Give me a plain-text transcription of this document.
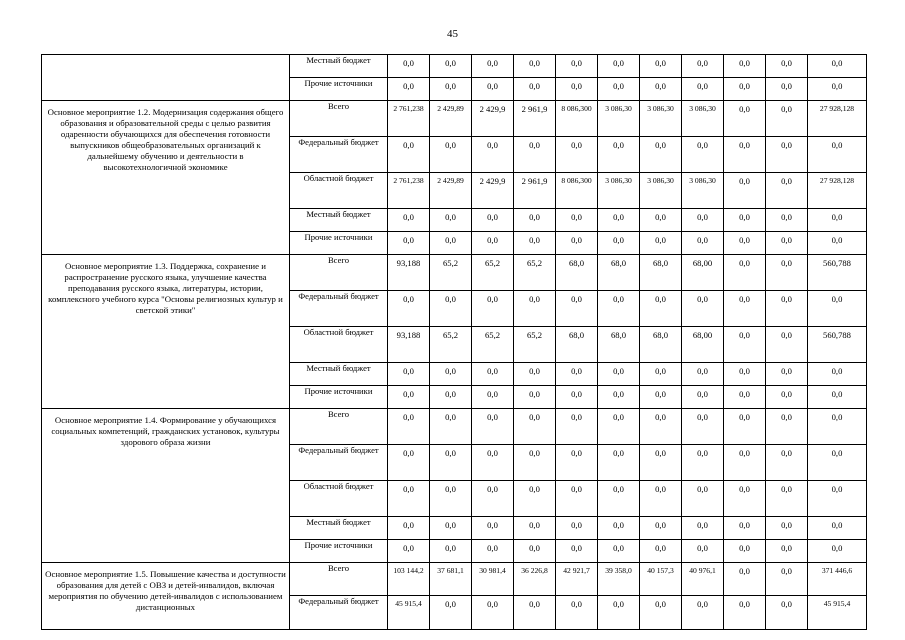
45
	Местный бюджет	0,0	0,0	0,0	0,0	0,0	0,0	0,0	0,0	0,0	0,0	0,0
	Прочие источники	0,0	0,0	0,0	0,0	0,0	0,0	0,0	0,0	0,0	0,0	0,0
Основное мероприятие 1.2. Модернизация содержания общего образования и образовательной среды с целью развития одаренности обучающихся для обеспечения готовности выпускников общеобразовательных организаций к дальнейшему обучению и деятельности в высокотехнологичной экономике	Всего	2 761,238	2 429,89	2 429,9	2 961,9	8 086,300	3 086,30	3 086,30	3 086,30	0,0	0,0	27 928,128
	Федеральный бюджет	0,0	0,0	0,0	0,0	0,0	0,0	0,0	0,0	0,0	0,0	0,0
	Областной бюджет	2 761,238	2 429,89	2 429,9	2 961,9	8 086,300	3 086,30	3 086,30	3 086,30	0,0	0,0	27 928,128
	Местный бюджет	0,0	0,0	0,0	0,0	0,0	0,0	0,0	0,0	0,0	0,0	0,0
	Прочие источники	0,0	0,0	0,0	0,0	0,0	0,0	0,0	0,0	0,0	0,0	0,0
Основное мероприятие 1.3. Поддержка, сохранение и распространение русского языка, улучшение качества преподавания русского языка, литературы, истории, комплексного учебного курса "Основы религиозных культур и светской этики"	Всего	93,188	65,2	65,2	65,2	68,0	68,0	68,0	68,00	0,0	0,0	560,788
	Федеральный бюджет	0,0	0,0	0,0	0,0	0,0	0,0	0,0	0,0	0,0	0,0	0,0
	Областной бюджет	93,188	65,2	65,2	65,2	68,0	68,0	68,0	68,00	0,0	0,0	560,788
	Местный бюджет	0,0	0,0	0,0	0,0	0,0	0,0	0,0	0,0	0,0	0,0	0,0
	Прочие источники	0,0	0,0	0,0	0,0	0,0	0,0	0,0	0,0	0,0	0,0	0,0
Основное мероприятие 1.4. Формирование у обучающихся социальных компетенций, гражданских установок, культуры здорового образа жизни	Всего	0,0	0,0	0,0	0,0	0,0	0,0	0,0	0,0	0,0	0,0	0,0
	Федеральный бюджет	0,0	0,0	0,0	0,0	0,0	0,0	0,0	0,0	0,0	0,0	0,0
	Областной бюджет	0,0	0,0	0,0	0,0	0,0	0,0	0,0	0,0	0,0	0,0	0,0
	Местный бюджет	0,0	0,0	0,0	0,0	0,0	0,0	0,0	0,0	0,0	0,0	0,0
	Прочие источники	0,0	0,0	0,0	0,0	0,0	0,0	0,0	0,0	0,0	0,0	0,0
Основное мероприятие 1.5. Повышение качества и доступности образования для детей с ОВЗ и детей-инвалидов, включая мероприятия по обучению детей-инвалидов с использованием дистанционных	Всего	103 144,2	37 681,1	30 981,4	36 226,8	42 921,7	39 358,0	40 157,3	40 976,1	0,0	0,0	371 446,6
	Федеральный бюджет	45 915,4	0,0	0,0	0,0	0,0	0,0	0,0	0,0	0,0	0,0	45 915,4
